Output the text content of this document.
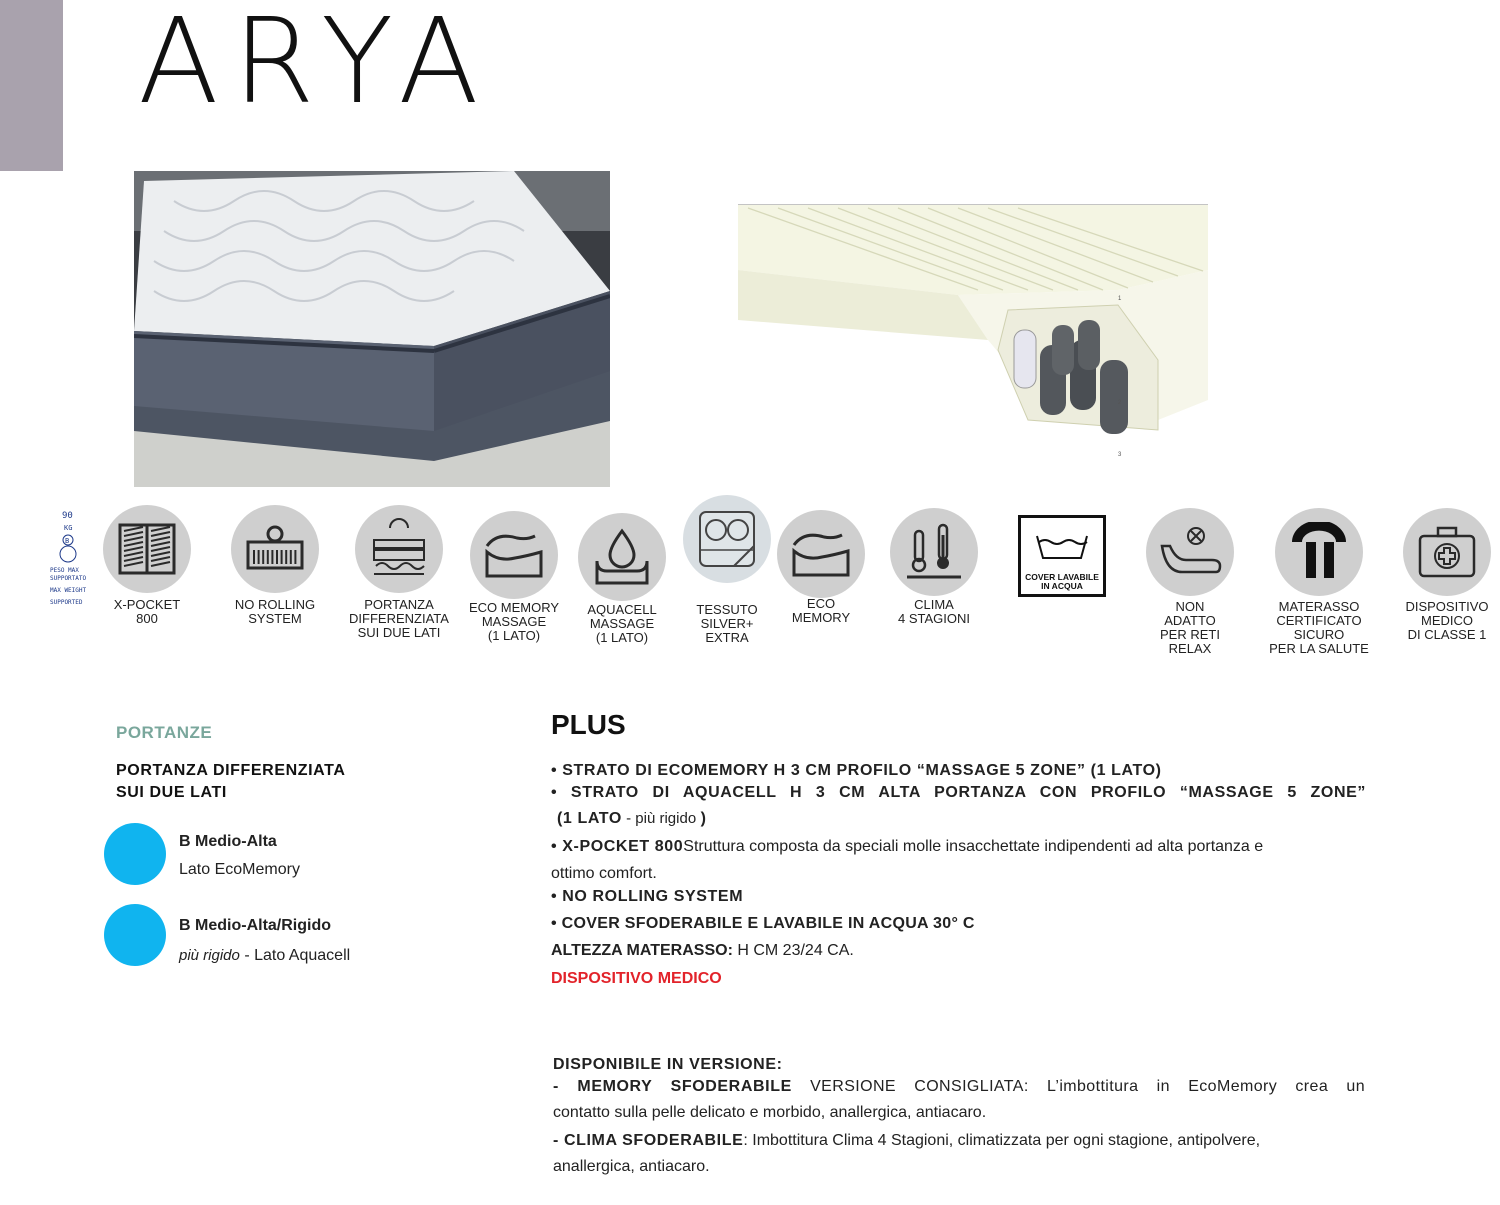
ARYA
1
2
3
90
KG
B
PESO MAX
SUPPORTATO
MAX WEIGHT
SUPPORTED	X-POCKET
800
NO ROLLING
SYSTEM
PORTANZA
DIFFERENZIATA
SUI DUE LATI
ECO MEMORY
MASSAGE
(1 LATO)
AQUACELL
MASSAGE
(1 LATO)
TESSUTO
SILVER+
EXTRA
ECO
MEMORY
CLIMA
4 STAGIONI
COVER LAVABILE
IN ACQUA
NON
ADATTO
PER RETI
RELAX
MATERASSO
CERTIFICATO
SICURO
PER LA SALUTE
DISPOSITIVO
MEDICO
DI CLASSE 1
PORTANZE
PORTANZA DIFFERENZIATA
SUI DUE LATI
B Medio-Alta
Lato EcoMemory
B Medio-Alta/Rigido
più rigido - Lato Aquacell
PLUS
• STRATO DI ECOMEMORY H 3 CM PROFILO “MASSAGE 5 ZONE” (1 LATO)
• STRATO DI AQUACELL H 3 CM ALTA PORTANZA CON PROFILO “MASSAGE 5 ZONE”
(1 LATO - più rigido )
• X-POCKET 800Struttura composta da speciali molle insacchettate indipendenti ad alta portanza e
ottimo comfort.
• NO ROLLING SYSTEM
• COVER SFODERABILE E LAVABILE IN ACQUA 30° C
ALTEZZA MATERASSO: H CM 23/24 CA.
DISPOSITIVO MEDICO
DISPONIBILE IN VERSIONE:
- MEMORY SFODERABILE VERSIONE CONSIGLIATA: L’imbottitura in EcoMemory crea un
contatto sulla pelle delicato e morbido, anallergica, antiacaro.
- CLIMA SFODERABILE: Imbottitura Clima 4 Stagioni, climatizzata per ogni stagione, antipolvere,
anallergica, antiacaro.
